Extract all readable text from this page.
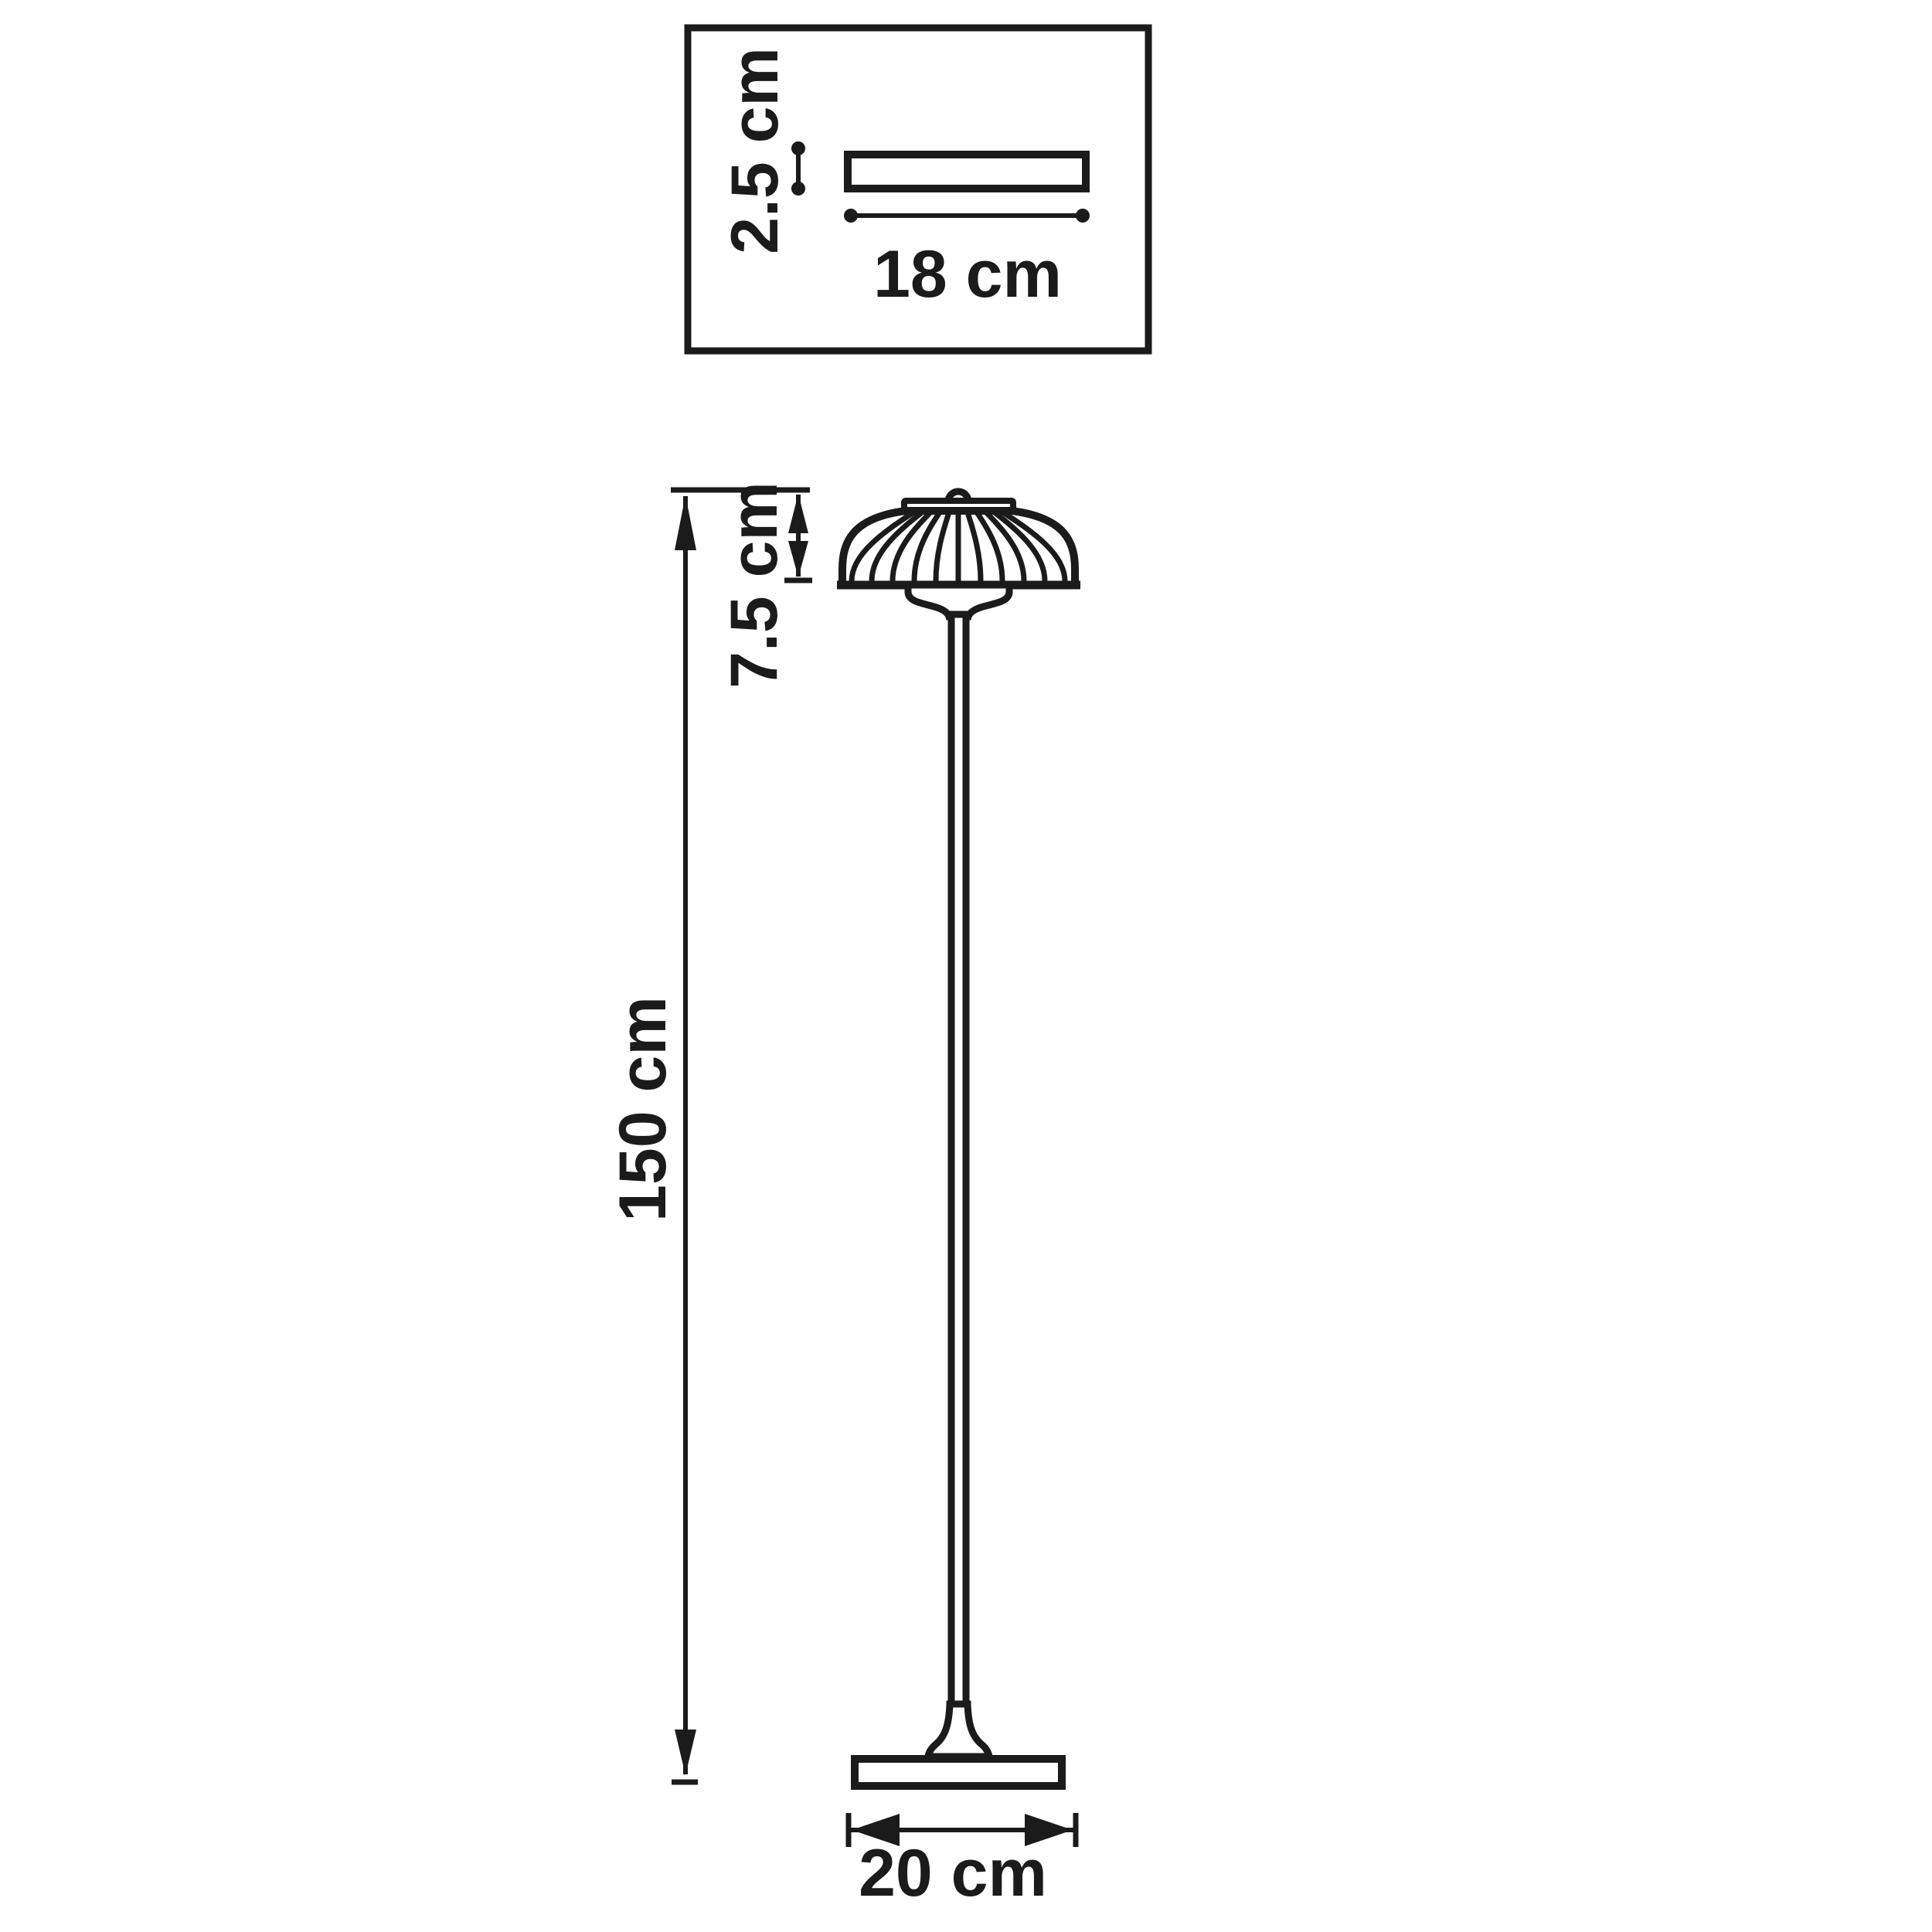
2.5 cm
18 cm
150 cm
7.5 cm
20 cm
